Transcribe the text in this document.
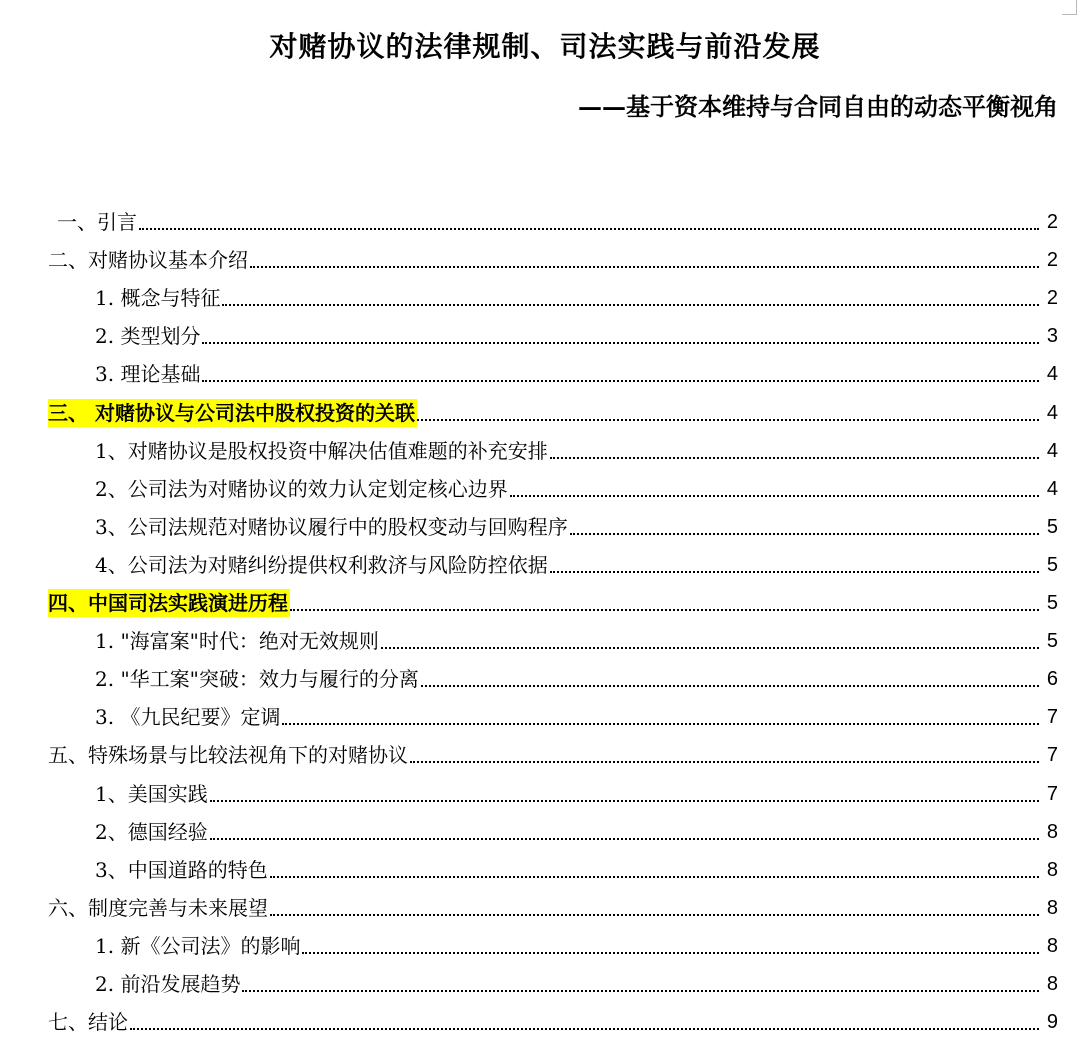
对赌协议的法律规制、司法实践与前沿发展
——基于资本维持与合同自由的动态平衡视角
一、引言	2
二、对赌协议基本介绍	2
1. 概念与特征	2
2. 类型划分	3
3. 理论基础	4
三、 对赌协议与公司法中股权投资的关联	4
1、对赌协议是股权投资中解决估值难题的补充安排	4
2、公司法为对赌协议的效力认定划定核心边界	4
3、公司法规范对赌协议履行中的股权变动与回购程序	5
4、公司法为对赌纠纷提供权利救济与风险防控依据	5
四、中国司法实践演进历程	5
1. "海富案"时代：绝对无效规则	5
2. "华工案"突破：效力与履行的分离	6
3. 《九民纪要》定调	7
五、特殊场景与比较法视角下的对赌协议	7
1、美国实践	7
2、德国经验	8
3、中国道路的特色	8
六、制度完善与未来展望	8
1. 新《公司法》的影响	8
2. 前沿发展趋势	8
七、结论	9
